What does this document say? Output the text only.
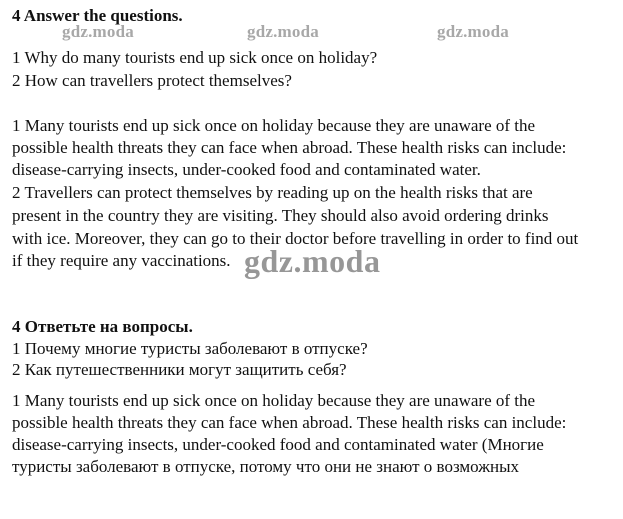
4 Answer the questions.
gdz.moda	gdz.moda	gdz.moda
1 Why do many tourists end up sick once on holiday?
2 How can travellers protect themselves?
1 Many tourists end up sick once on holiday because they are unaware of the
possible health threats they can face when abroad. These health risks can include:
disease-carrying insects, under-cooked food and contaminated water.
2 Travellers can protect themselves by reading up on the health risks that are
present in the country they are visiting. They should also avoid ordering drinks
with ice. Moreover, they can go to their doctor before travelling in order to find out
if they require any vaccinations. gdz.moda
4 Ответьте на вопросы.
1 Почему многие туристы заболевают в отпуске?
2 Как путешественники могут защитить себя?
1 Many tourists end up sick once on holiday because they are unaware of the
possible health threats they can face when abroad. These health risks can include:
disease-carrying insects, under-cooked food and contaminated water (Многие
туристы заболевают в отпуске, потому что они не знают о возможных
